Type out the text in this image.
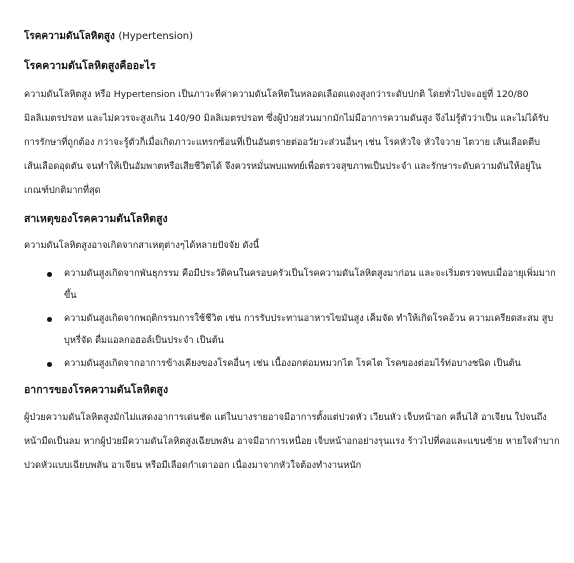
โรคความดันโลหิตสูง (Hypertension)
โรคความดันโลหิตสูงคืออะไร

ความดันโลหิตสูง หรือ Hypertension เป็นภาวะที่ค่าความดันโลหิตในหลอดเลือดแดงสูงกว่าระดับปกติ โดยทั่วไปจะอยู่ที่ 120/80 มิลลิเมตรปรอท และไม่ควรจะสูงเกิน 140/90 มิลลิเมตรปรอท ซึ่งผู้ป่วยส่วนมากมักไม่มีอาการความดันสูง จึงไม่รู้ตัวว่าเป็น และไม่ได้รับการรักษาที่ถูกต้อง กว่าจะรู้ตัวก็เมื่อเกิดภาวะแทรกซ้อนที่เป็นอันตรายต่ออวัยวะส่วนอื่นๆ เช่น โรคหัวใจ หัวใจวาย ไตวาย เส้นเลือดตีบ เส้นเลือดอุดตัน จนทำให้เป็นอัมพาตหรือเสียชีวิตได้ จึงควรหมั่นพบแพทย์เพื่อตรวจสุขภาพเป็นประจำ และรักษาระดับความดันให้อยู่ในเกณฑ์ปกติมากที่สุด

สาเหตุของโรคความดันโลหิตสูง

ความดันโลหิตสูงอาจเกิดจากสาเหตุต่างๆได้หลายปัจจัย ดังนี้

ความดันสูงเกิดจากพันธุกรรม คือมีประวัติคนในครอบครัวเป็นโรคความดันโลหิตสูงมาก่อน และจะเริ่มตรวจพบเมื่ออายุเพิ่มมากขึ้น
ความดันสูงเกิดจากพฤติกรรมการใช้ชีวิต เช่น การรับประทานอาหารไขมันสูง เค็มจัด ทำให้เกิดโรคอ้วน ความเครียดสะสม สูบบุหรี่จัด ดื่มแอลกอฮอล์เป็นประจำ เป็นต้น
ความดันสูงเกิดจากอาการข้างเคียงของโรคอื่นๆ เช่น เนื้องอกต่อมหมวกไต โรคไต โรคของต่อมไร้ท่อบางชนิด เป็นต้น
อาการของโรคความดันโลหิตสูง

ผู้ป่วยความดันโลหิตสูงมักไม่แสดงอาการเด่นชัด แต่ในบางรายอาจมีอาการตั้งแต่ปวดหัว เวียนหัว เจ็บหน้าอก คลื่นไส้ อาเจียน ใปจนถึงหน้ามืดเป็นลม หากผู้ป่วยมีความดันโลหิตสูงเฉียบพลัน อาจมีอาการเหนื่อย เจ็บหน้าอกอย่างรุนแรง ร้าวไปที่คอและแขนซ้าย หายใจลำบาก ปวดหัวแบบเฉียบพลัน อาเจียน หรือมีเลือดกำเดาออก เนื่องมาจากหัวใจต้องทำงานหนัก
